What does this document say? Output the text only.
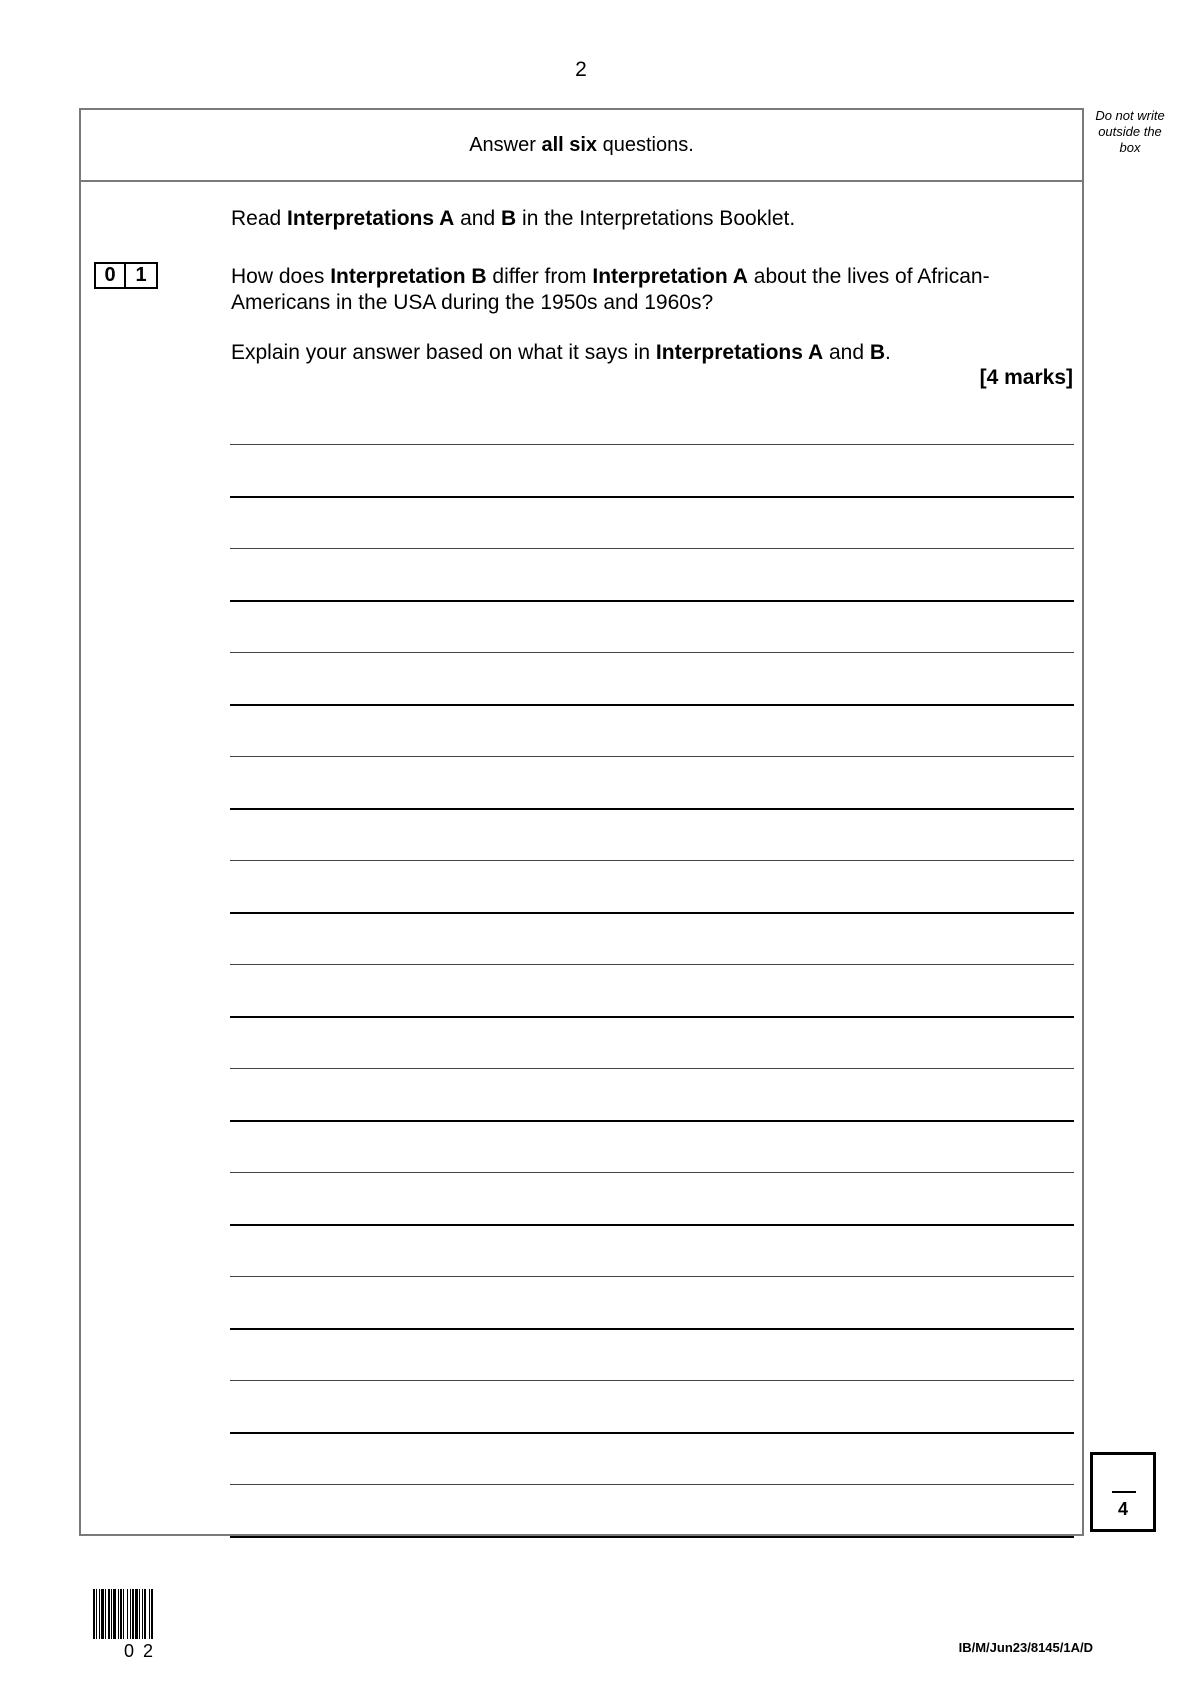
2
Answer all six questions.
Do not write
outside the
box
Read Interpretations A and B in the Interpretations Booklet.
0 1	How does Interpretation B differ from Interpretation A about the lives of African-Americans in the USA during the 1950s and 1960s?
Explain your answer based on what it says in Interpretations A and B.
[4 marks]
4
02	IB/M/Jun23/8145/1A/D
